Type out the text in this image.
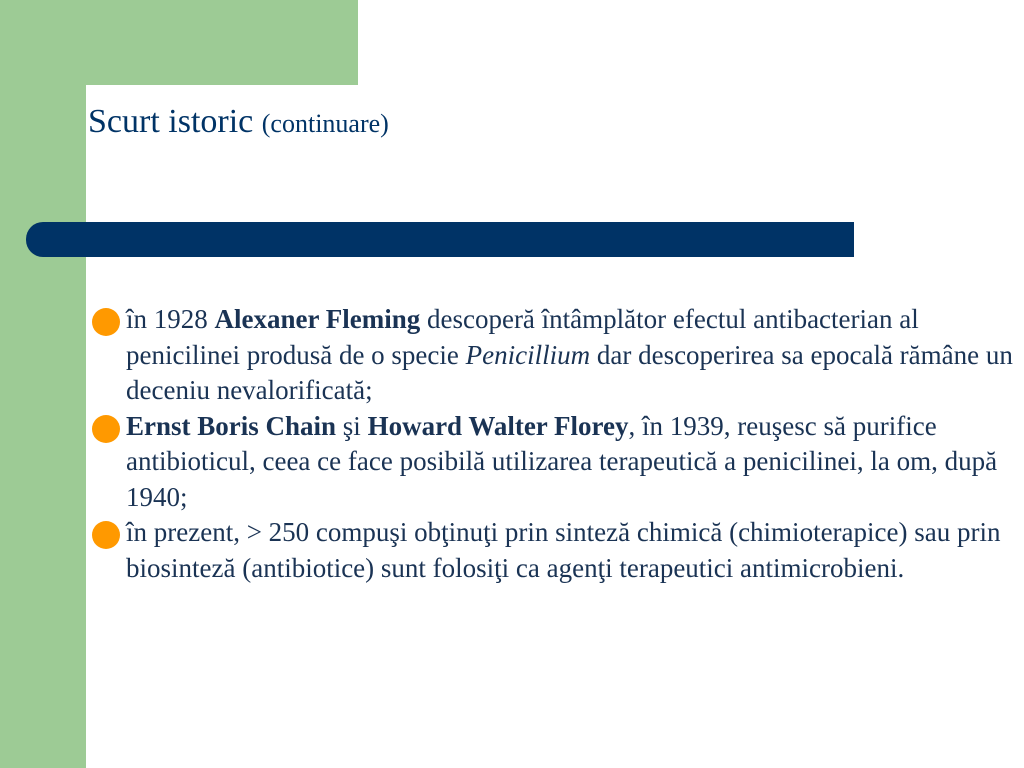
Scurt istoric (continuare)
în 1928 Alexaner Fleming descoperă întâmplător efectul antibacterian al penicilinei produsă de o specie Penicillium dar descoperirea sa epocală rămâne un deceniu nevalorificată;
Ernst Boris Chain şi Howard Walter Florey, în 1939, reuşesc să purifice antibioticul, ceea ce face posibilă utilizarea terapeutică a penicilinei, la om, după 1940;
în prezent, > 250 compuşi obţinuţi prin sinteză chimică (chimioterapice) sau prin biosinteză (antibiotice) sunt folosiţi ca agenţi terapeutici antimicrobieni.
